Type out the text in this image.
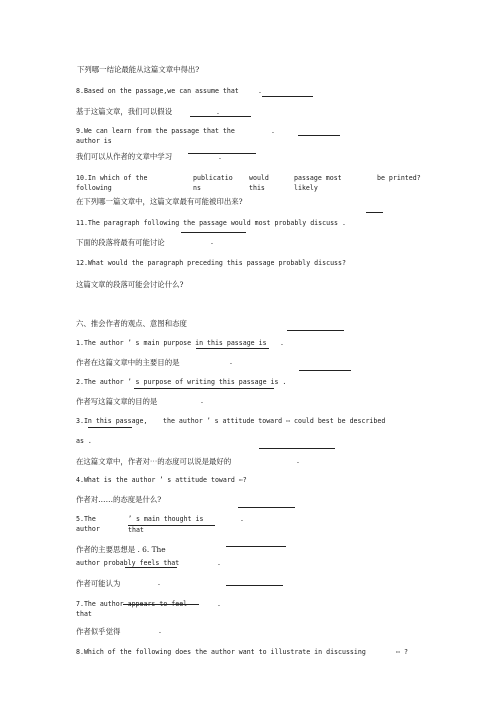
下列哪一结论最能从这篇文章中得出?
8.Based on the passage,we can assume that	.
基于这篇文章，我们可以假设	.
9.We can learn from the passage that the	.
author is
我们可以从作者的文章中学习	.
10.In which of the	publicatio would	passage most	be printed?
following	ns	this	likely
在下列哪一篇文章中，这篇文章最有可能被印出来?
11.The paragraph following the passage would most probably discuss .
下面的段落将最有可能讨论	.
12.What would the paragraph preceding this passage probably discuss?
这篇文章的段落可能会讨论什么?
六、推会作者的观点、意图和态度
1.The author ’ s main purpose in this passage is .
作者在这篇文章中的主要目的是	.
2.The author ’ s purpose of writing this passage is .
作者写这篇文章的目的是	.
3.In this passage, the author ’ s attitude toward ⋯ could best be described
as .
在这篇文章中，作者对⋯的态度可以说是最好的	.
4.What is the author ’ s attitude toward ⋯?
作者对……的态度是什么?
5.The	’ s main thought is	.
author	that
作者的主要思想是 . 6. The
author probably feels that	.
作者可能认为	.
7.The author appears to feel	.
that
作者似乎觉得	.
8.Which of the following does the author want to illustrate in discussing	⋯ ?
